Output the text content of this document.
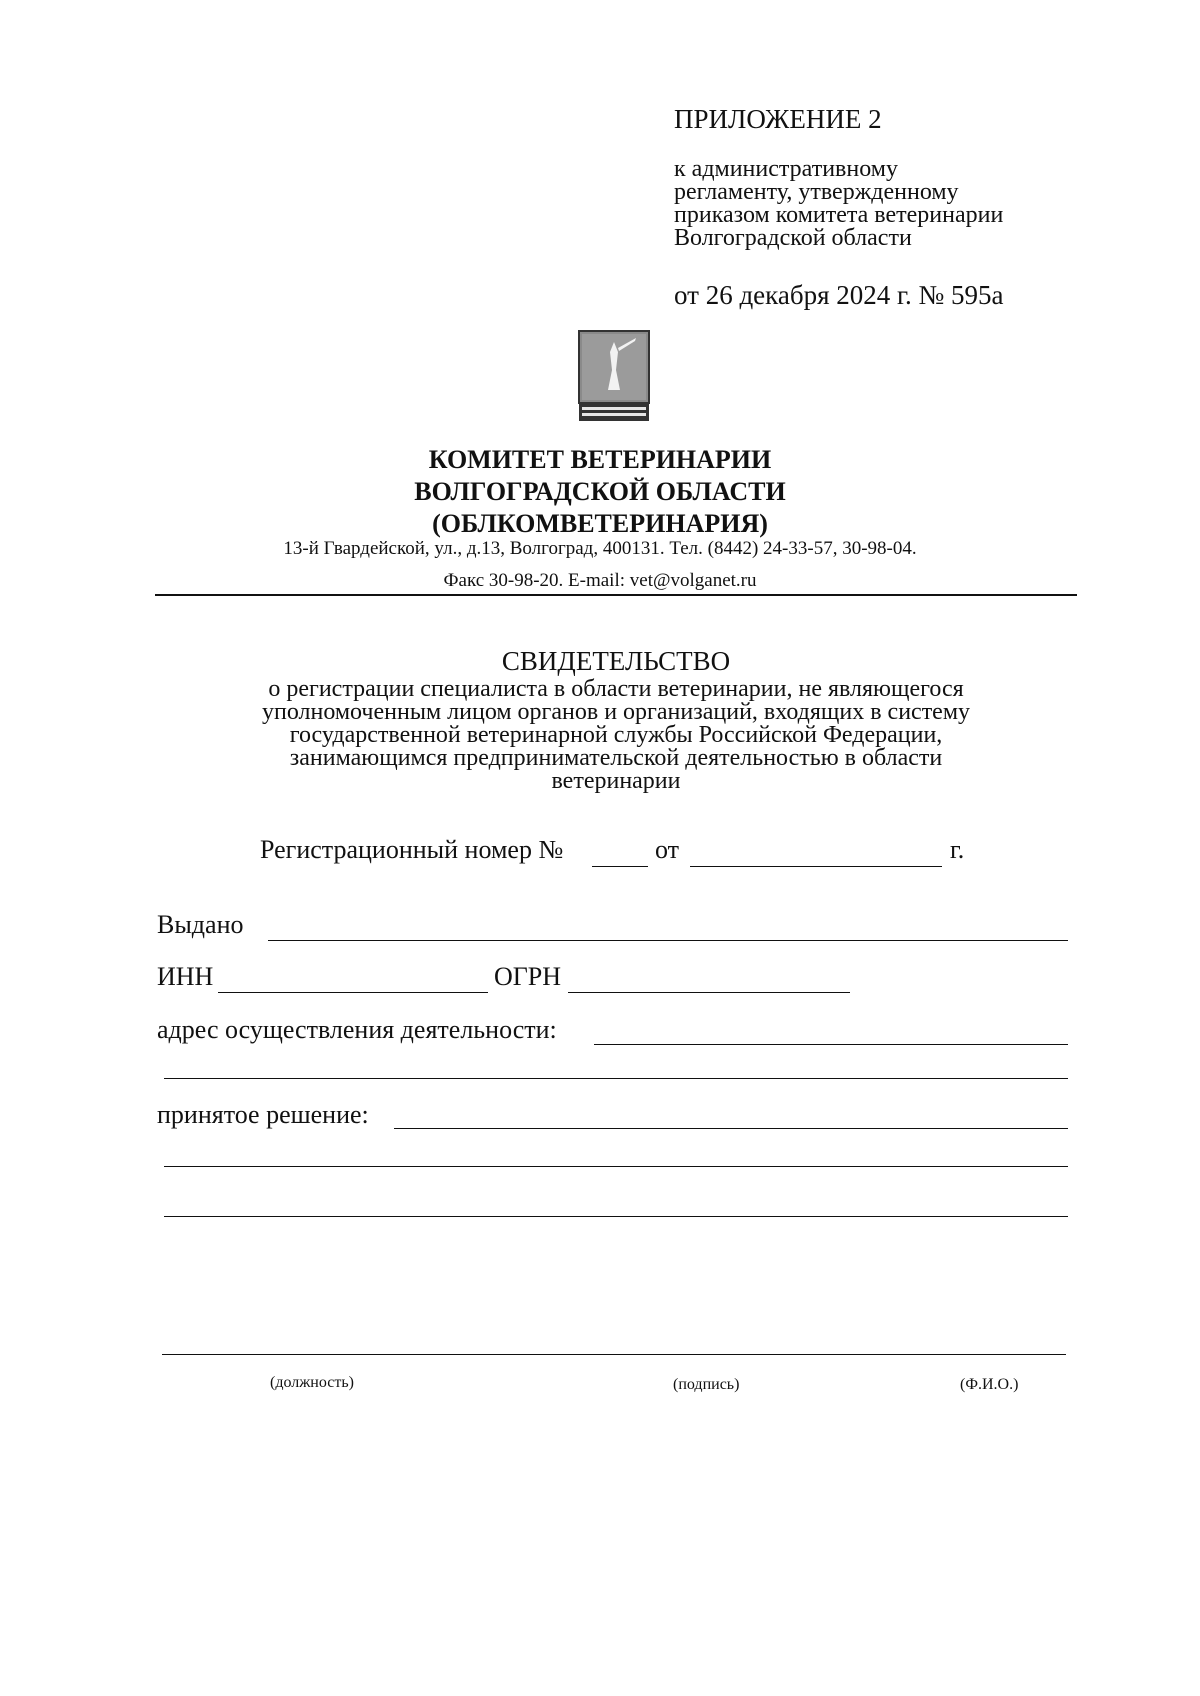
ПРИЛОЖЕНИЕ 2
к административному
регламенту, утвержденному
приказом комитета ветеринарии
Волгоградской области
от 26 декабря 2024 г. № 595а
КОМИТЕТ ВЕТЕРИНАРИИ
ВОЛГОГРАДСКОЙ ОБЛАСТИ
(ОБЛКОМВЕТЕРИНАРИЯ)
13-й Гвардейской, ул., д.13, Волгоград, 400131. Тел. (8442) 24-33-57, 30-98-04.
Факс 30-98-20. E-mail: vet@volganet.ru
СВИДЕТЕЛЬСТВО
о регистрации специалиста в области ветеринарии, не являющегося
уполномоченным лицом органов и организаций, входящих в систему
государственной ветеринарной службы Российской Федерации,
занимающимся предпринимательской деятельностью в области
ветеринарии
Регистрационный номер №	от	г.
Выдано
ИНН	ОГРН
адрес осуществления деятельности:
принятое решение:
(должность)	(подпись)	(Ф.И.О.)
